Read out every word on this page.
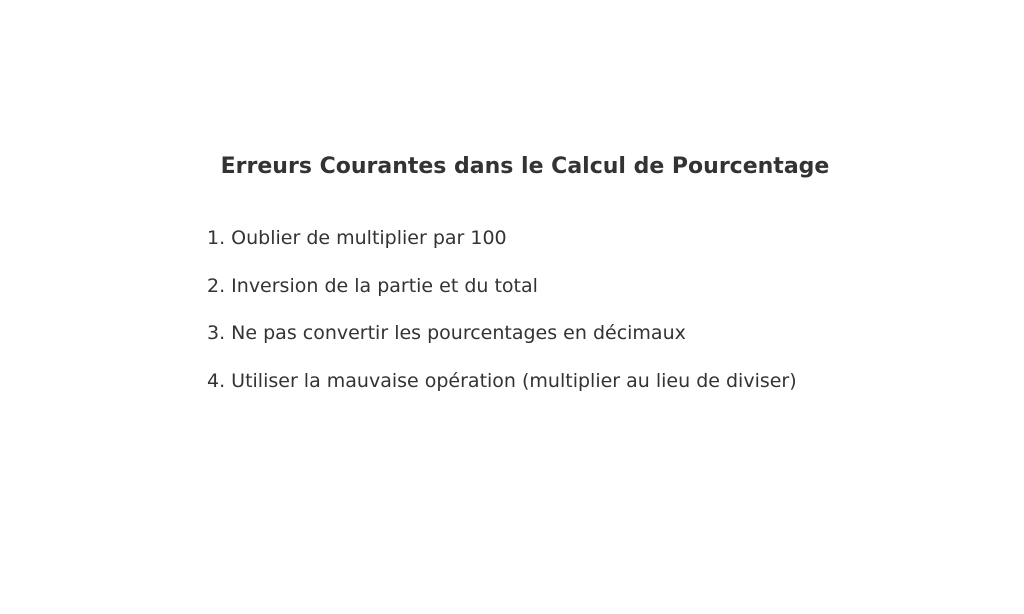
Erreurs Courantes dans le Calcul de Pourcentage
1. Oublier de multiplier par 100
2. Inversion de la partie et du total
3. Ne pas convertir les pourcentages en décimaux
4. Utiliser la mauvaise opération (multiplier au lieu de diviser)
